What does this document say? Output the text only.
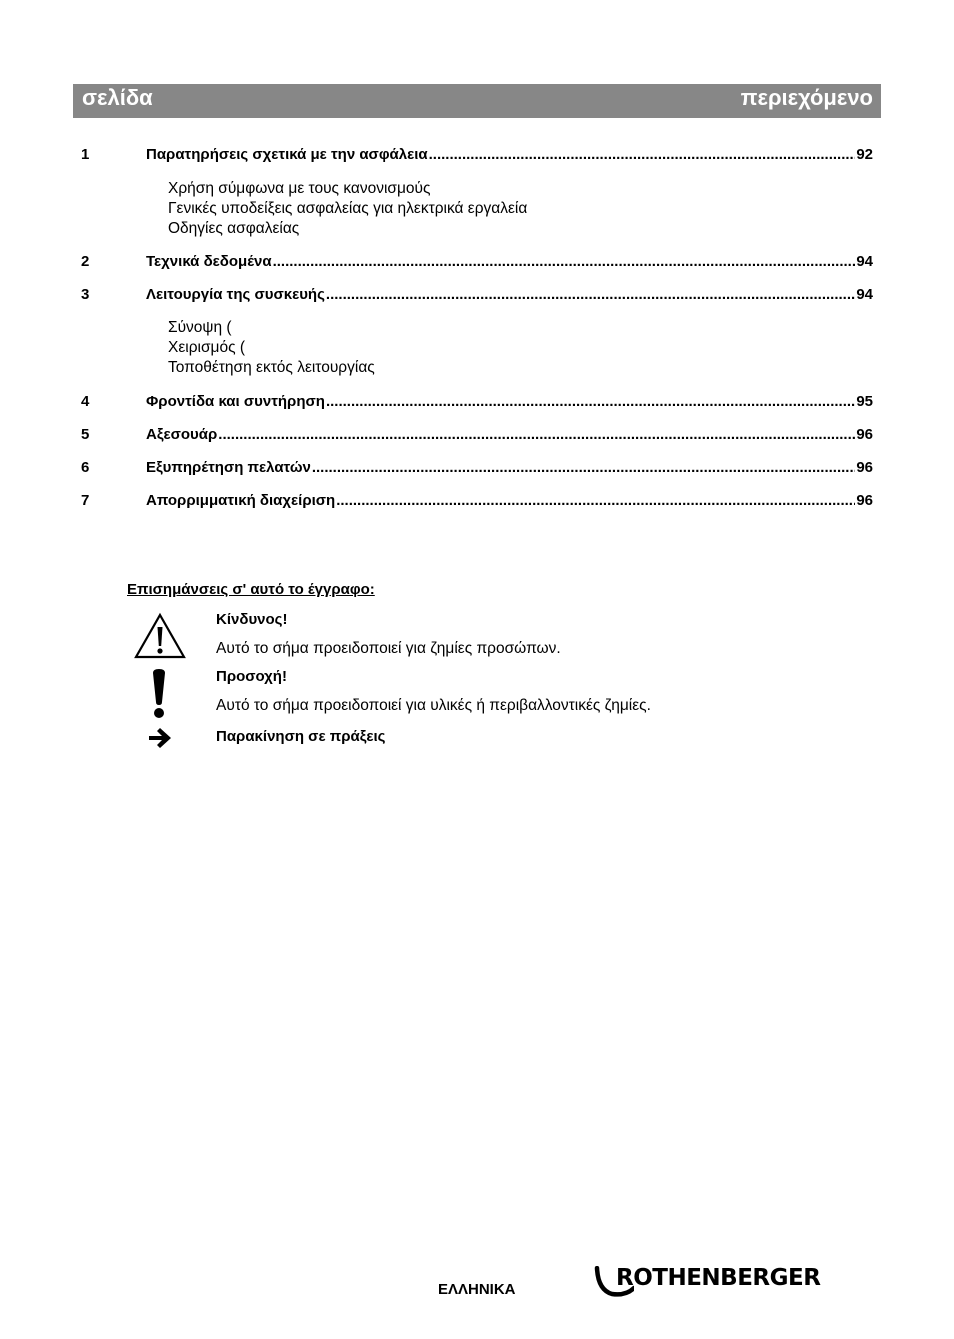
σελίδα	περιεχόμενο
1	Παρατηρήσεις σχετικά με την ασφάλεια .....	92
Χρήση σύμφωνα με τους κανονισμούς
Γενικές υποδείξεις ασφαλείας για ηλεκτρικά εργαλεία
Οδηγίες ασφαλείας
2	Τεχνικά δεδομένα .....	94
3	Λειτουργία της συσκευής .....	94
Σύνοψη (
Χειρισμός (
Τοποθέτηση εκτός λειτουργίας
4	Φροντίδα και συντήρηση .....	95
5	Αξεσουάρ .....	96
6	Εξυπηρέτηση πελατών .....	96
7	Απορριμματική διαχείριση .....	96
Επισημάνσεις σ' αυτό το έγγραφο:
Κίνδυνος!
Αυτό το σήμα προειδοποιεί για ζημίες προσώπων.
Προσοχή!
Αυτό το σήμα προειδοποιεί για υλικές ή περιβαλλοντικές ζημίες.
Παρακίνηση σε πράξεις
ΕΛΛΗΝΙΚΑ	ROTHENBERGER
